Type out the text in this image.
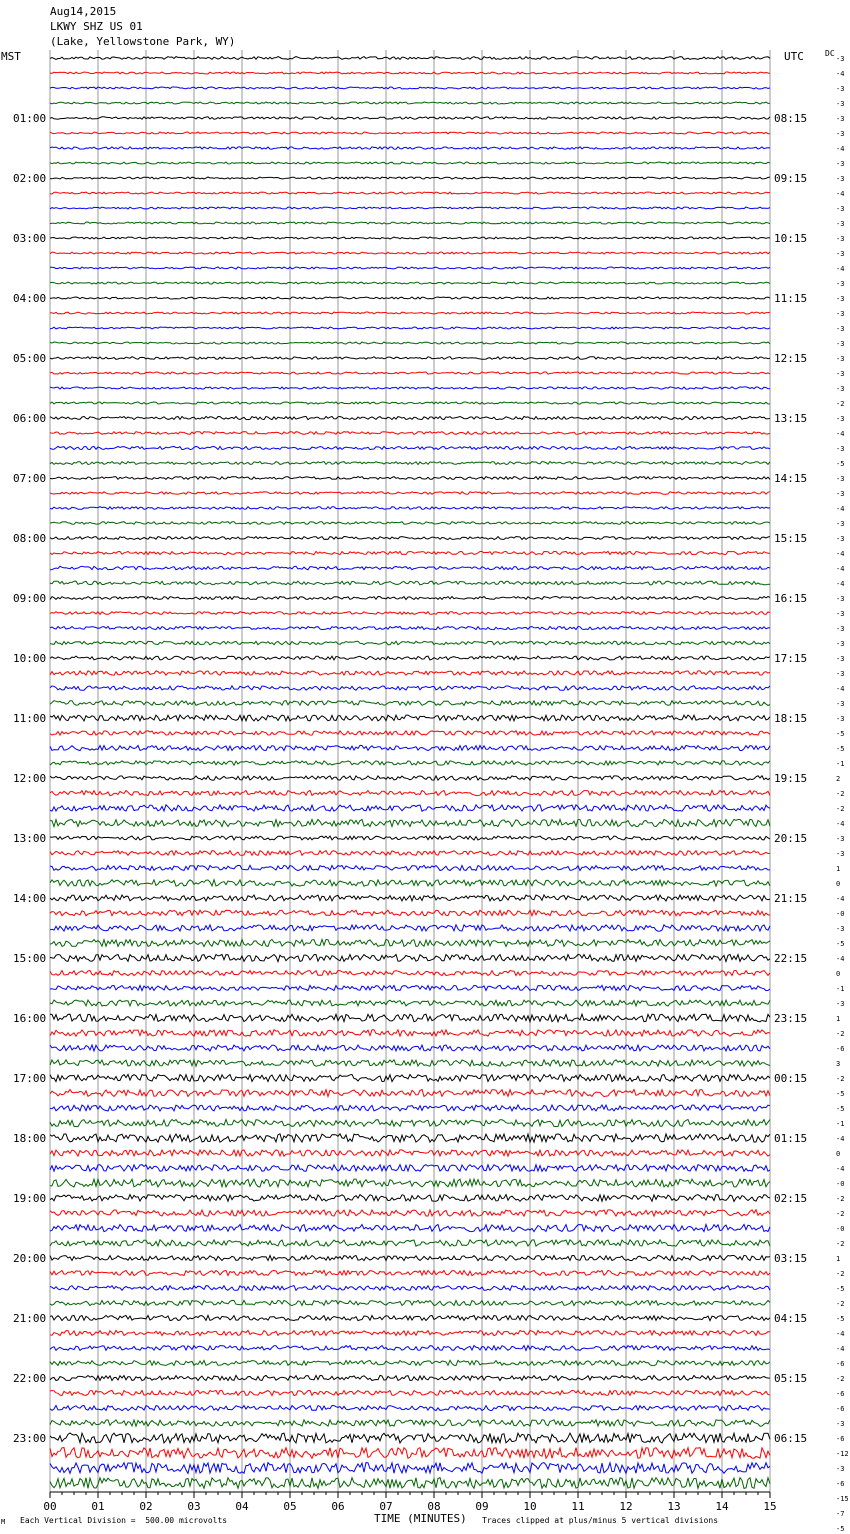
Aug14,2015
LKWY SHZ US 01
(Lake, Yellowstone Park, WY)
MST	UTC	DC
01:00
02:00
03:00
04:00
05:00
06:00
07:00
08:00
09:00
10:00
11:00
12:00
13:00
14:00
15:00
16:00
17:00
18:00
19:00
20:00
21:00
22:00
23:00
08:15
09:15
10:15
11:15
12:15
13:15
14:15
15:15
16:15
17:15
18:15
19:15
20:15
21:15
22:15
23:15
00:15
01:15
02:15
03:15
04:15
05:15
06:15
-3
-4
-3
-3
-3
-3
-4
-3
-3
-4
-3
-3
-3
-3
-4
-3
-3
-3
-3
-3
-3
-3
-3
-2
-3
-4
-3
-5
-3
-3
-4
-3
-3
-4
-4
-4
-3
-3
-3
-3
-3
-3
-4
-3
-3
-5
-5
-1
2
-2
-2
-4
-3
-3
1
0
-4
-0
-3
-5
-4
0
-1
-3
1
-2
-6
3
-2
-5
-5
-1
-4
0
-4
-0
-2
-2
-0
-2
1
-2
-5
-2
-5
-4
-4
-6
-2
-6
-6
-3
-6
-12
-3
-6
-15
-7
-5
00	01	02	03	04	05	06	07	08	09	10	11	12	13	14	15
TIME (MINUTES)
Each Vertical Division =  500.00 microvolts	Traces clipped at plus/minus 5 vertical divisions
M
